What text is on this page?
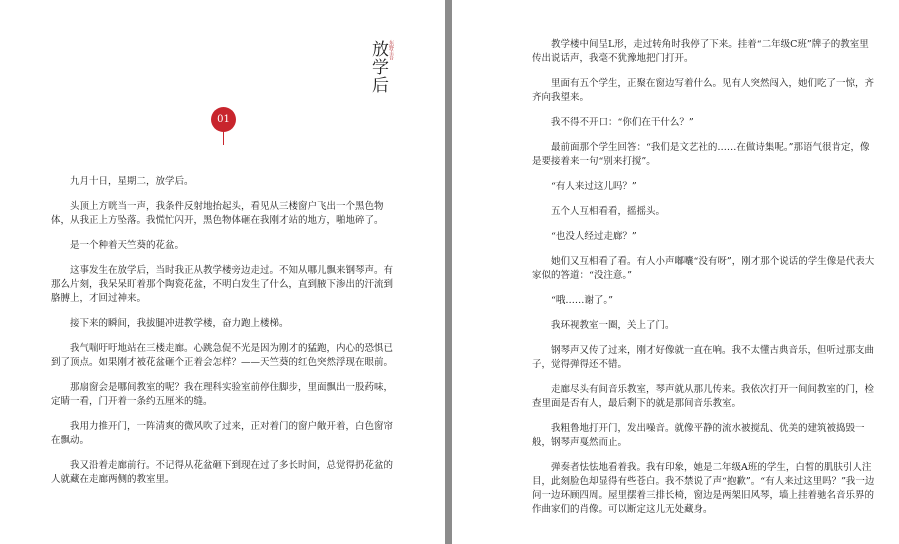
放学后 东野圭吾
01

九月十日，星期二，放学后。

头顶上方咣当一声，我条件反射地抬起头，看见从三楼窗户飞出一个黑色物体，从我正上方坠落。我慌忙闪开，黑色物体砸在我刚才站的地方，啪地碎了。

是一个种着天竺葵的花盆。

这事发生在放学后，当时我正从教学楼旁边走过。不知从哪儿飘来钢琴声。有那么片刻，我呆呆盯着那个陶瓷花盆，不明白发生了什么，直到腋下渗出的汗流到胳膊上，才回过神来。

接下来的瞬间，我拔腿冲进教学楼，奋力跑上楼梯。

我气喘吁吁地站在三楼走廊。心跳急促不光是因为刚才的猛跑，内心的恐惧已到了顶点。如果刚才被花盆砸个正着会怎样？——天竺葵的红色突然浮现在眼前。

那扇窗会是哪间教室的呢？我在理科实验室前停住脚步，里面飘出一股药味，定睛一看，门开着一条约五厘米的缝。

我用力推开门，一阵清爽的微风吹了过来，正对着门的窗户敞开着，白色窗帘在飘动。

我又沿着走廊前行。不记得从花盆砸下到现在过了多长时间，总觉得扔花盆的人就藏在走廊两侧的教室里。

教学楼中间呈L形，走过转角时我停了下来。挂着“二年级C班”牌子的教室里传出说话声，我毫不犹豫地把门打开。

里面有五个学生，正聚在窗边写着什么。见有人突然闯入，她们吃了一惊，齐齐向我望来。

我不得不开口：“你们在干什么？”

最前面那个学生回答：“我们是文艺社的……在做诗集呢。”那语气很肯定，像是要接着来一句“别来打搅”。

“有人来过这儿吗？”

五个人互相看看，摇摇头。

“也没人经过走廊？”

她们又互相看了看。有人小声嘟囔“没有呀”，刚才那个说话的学生像是代表大家似的答道：“没注意。”

“哦……谢了。”

我环视教室一圈，关上了门。

钢琴声又传了过来，刚才好像就一直在响。我不太懂古典音乐，但听过那支曲子，觉得弹得还不错。

走廊尽头有间音乐教室，琴声就从那儿传来。我依次打开一间间教室的门，检查里面是否有人，最后剩下的就是那间音乐教室。

我粗鲁地打开门，发出噪音。就像平静的流水被搅乱、优美的建筑被捣毁一般，钢琴声戛然而止。

弹奏者怯怯地看着我。我有印象，她是二年级A班的学生，白皙的肌肤引人注目，此刻脸色却显得有些苍白。我不禁说了声“抱歉”。“有人来过这里吗？”我一边问一边环顾四周。屋里摆着三排长椅，窗边是两架旧风琴，墙上挂着驰名音乐界的作曲家们的肖像。可以断定这儿无处藏身。
